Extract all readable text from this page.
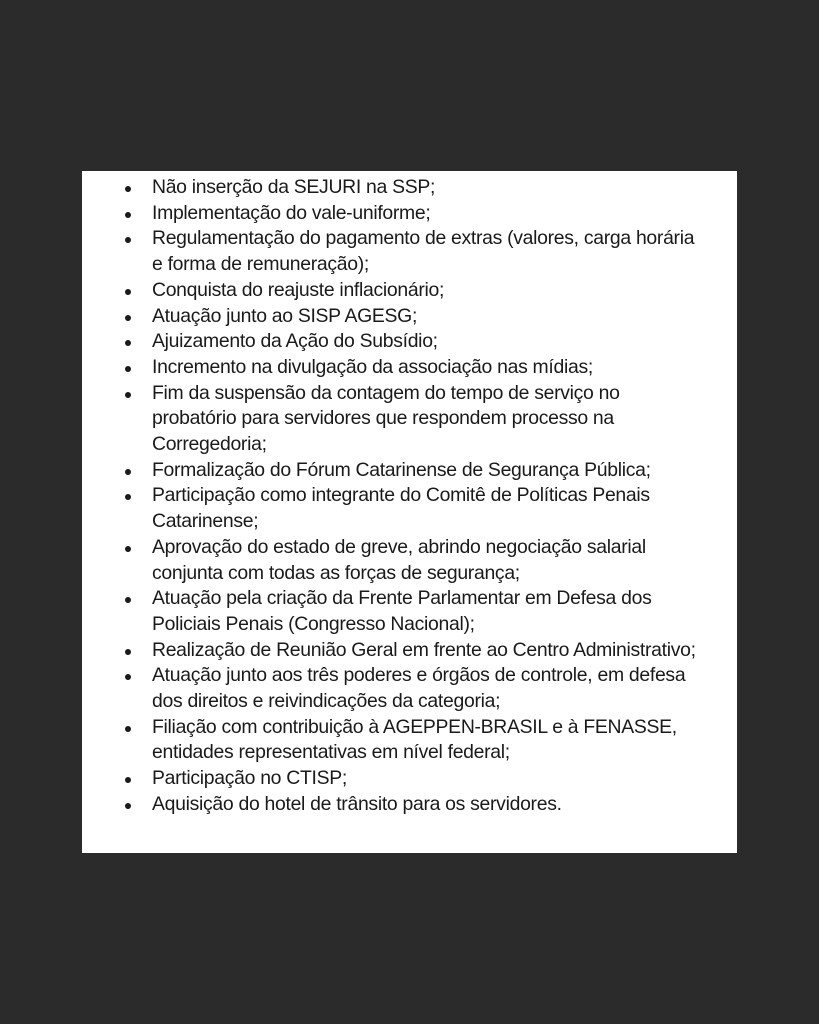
Não inserção da SEJURI na SSP;
Implementação do vale-uniforme;
Regulamentação do pagamento de extras (valores, carga horária e forma de remuneração);
Conquista do reajuste inflacionário;
Atuação junto ao SISP AGESG;
Ajuizamento da Ação do Subsídio;
Incremento na divulgação da associação nas mídias;
Fim da suspensão da contagem do tempo de serviço no probatório para servidores que respondem processo na Corregedoria;
Formalização do Fórum Catarinense de Segurança Pública;
Participação como integrante do Comitê de Políticas Penais Catarinense;
Aprovação do estado de greve, abrindo negociação salarial conjunta com todas as forças de segurança;
Atuação pela criação da Frente Parlamentar em Defesa dos Policiais Penais (Congresso Nacional);
Realização de Reunião Geral em frente ao Centro Administrativo;
Atuação junto aos três poderes e órgãos de controle, em defesa dos direitos e reivindicações da categoria;
Filiação com contribuição à AGEPPEN-BRASIL e à FENASSE, entidades representativas em nível federal;
Participação no CTISP;
Aquisição do hotel de trânsito para os servidores.
